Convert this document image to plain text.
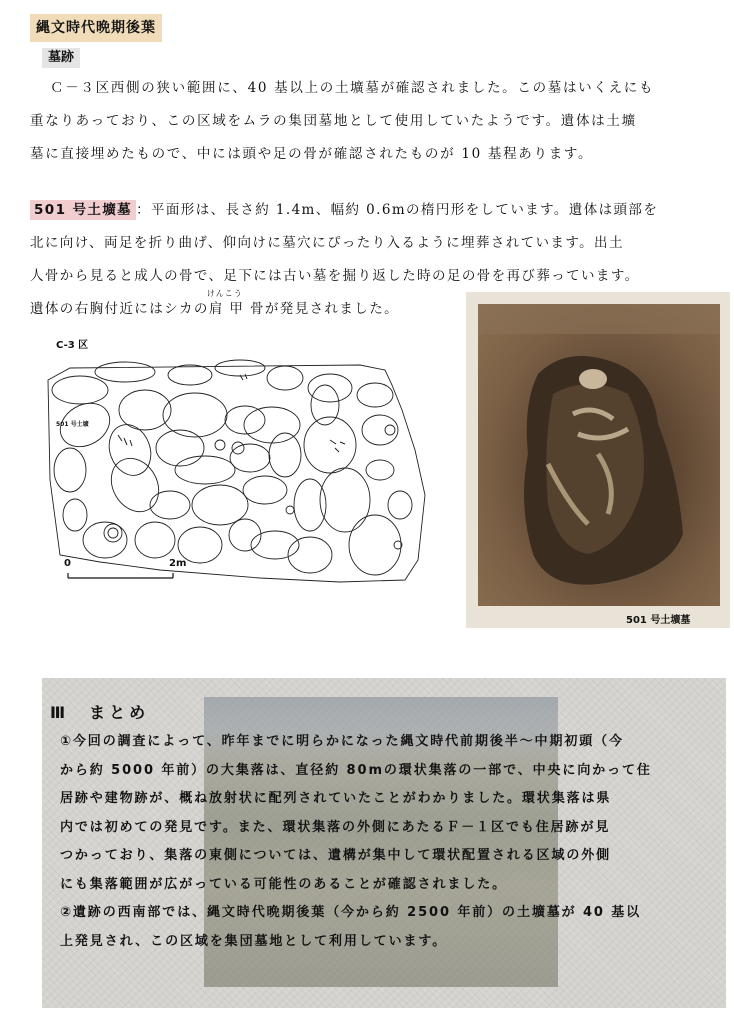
縄文時代晩期後葉
墓跡
Ｃ－３区西側の狭い範囲に、40 基以上の土壙墓が確認されました。この墓はいくえにも
重なりあっており、この区域をムラの集団墓地として使用していたようです。遺体は土壙
墓に直接埋めたもので、中には頭や足の骨が確認されたものが 10 基程あります。
501 号土壙墓 ：平面形は、長さ約 1.4m、幅約 0.6mの楕円形をしています。遺体は頭部を
北に向け、両足を折り曲げ、仰向けに墓穴にぴったり入るように埋葬されています。出土
人骨から見ると成人の骨で、足下には古い墓を掘り返した時の足の骨を再び葬っています。
遺体の右胸付近にはシカの
けんこう
肩 甲 骨が発見されました。
C-3 区
501 号土壙
0	2m
501 号土壙墓
Ⅲ　まとめ
①今回の調査によって、昨年までに明らかになった縄文時代前期後半～中期初頭（今
から約 5000 年前）の大集落は、直径約 80mの環状集落の一部で、中央に向かって住
居跡や建物跡が、概ね放射状に配列されていたことがわかりました。環状集落は県
内では初めての発見です。また、環状集落の外側にあたるＦ－１区でも住居跡が見
つかっており、集落の東側については、遺構が集中して環状配置される区域の外側
にも集落範囲が広がっている可能性のあることが確認されました。
②遺跡の西南部では、縄文時代晩期後葉（今から約 2500 年前）の土壙墓が 40 基以
上発見され、この区域を集団墓地として利用しています。
